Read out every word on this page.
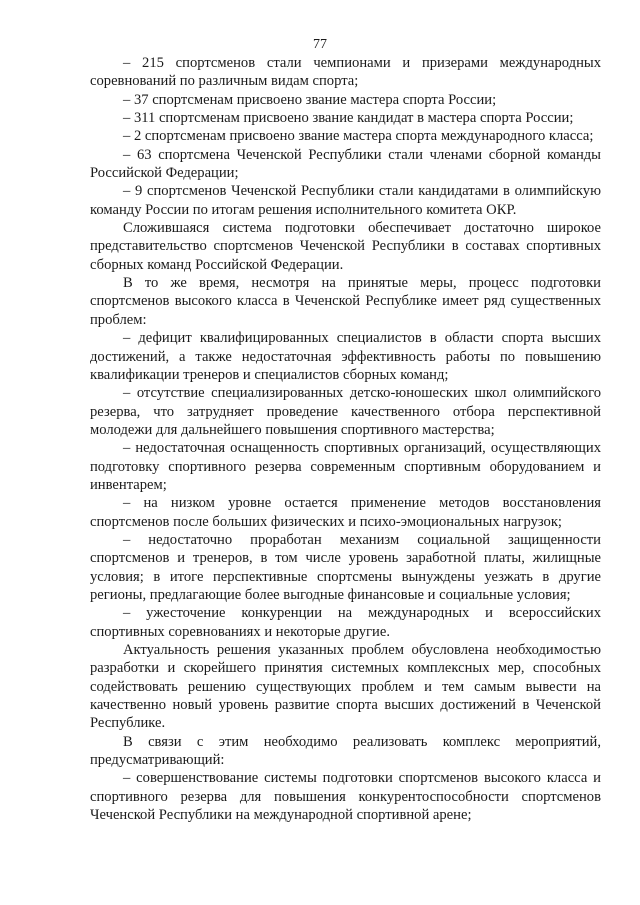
77

– 215 спортсменов стали чемпионами и призерами международных соревнований по различным видам спорта;

– 37 спортсменам присвоено звание мастера спорта России;

– 311 спортсменам присвоено звание кандидат в мастера спорта России;

– 2 спортсменам присвоено звание мастера спорта международного класса;

– 63 спортсмена Чеченской Республики стали членами сборной команды Российской Федерации;

– 9 спортсменов Чеченской Республики стали кандидатами в олимпийскую команду России по итогам решения исполнительного комитета ОКР.

Сложившаяся система подготовки обеспечивает достаточно широкое представительство спортсменов Чеченской Республики в составах спортивных сборных команд Российской Федерации.

В то же время, несмотря на принятые меры, процесс подготовки спортсменов высокого класса в Чеченской Республике имеет ряд существенных проблем:

– дефицит квалифицированных специалистов в области спорта высших достижений, а также недостаточная эффективность работы по повышению квалификации тренеров и специалистов сборных команд;

– отсутствие специализированных детско-юношеских школ олимпийского резерва, что затрудняет проведение качественного отбора перспективной молодежи для дальнейшего повышения спортивного мастерства;

– недостаточная оснащенность спортивных организаций, осуществляющих подготовку спортивного резерва современным спортивным оборудованием и инвентарем;

– на низком уровне остается применение методов восстановления спортсменов после больших физических и психо-эмоциональных нагрузок;

– недостаточно проработан механизм социальной защищенности спортсменов и тренеров, в том числе уровень заработной платы, жилищные условия; в итоге перспективные спортсмены вынуждены уезжать в другие регионы, предлагающие более выгодные финансовые и социальные условия;

– ужесточение конкуренции на международных и всероссийских спортивных соревнованиях и некоторые другие.

Актуальность решения указанных проблем обусловлена необходимостью разработки и скорейшего принятия системных комплексных мер, способных содействовать решению существующих проблем и тем самым вывести на качественно новый уровень развитие спорта высших достижений в Чеченской Республике.

В связи с этим необходимо реализовать комплекс мероприятий, предусматривающий:

– совершенствование системы подготовки спортсменов высокого класса и спортивного резерва для повышения конкурентоспособности спортсменов Чеченской Республики на международной спортивной арене;
